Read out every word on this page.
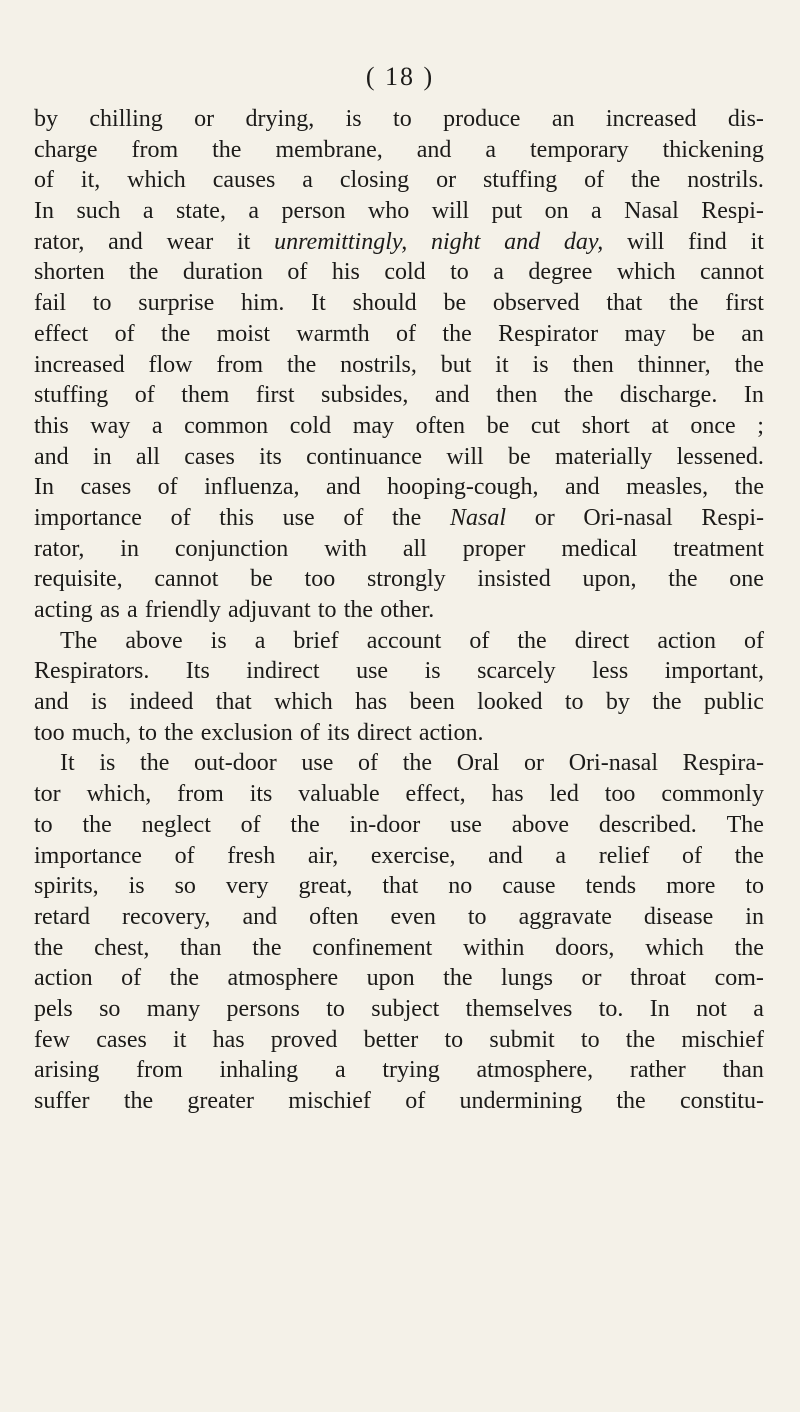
( 18 )
by chilling or drying, is to produce an increased dis-
charge from the membrane, and a temporary thickening
of it, which causes a closing or stuffing of the nostrils.
In such a state, a person who will put on a Nasal Respi-
rator, and wear it unremittingly, night and day, will find it
shorten the duration of his cold to a degree which cannot
fail to surprise him. It should be observed that the first
effect of the moist warmth of the Respirator may be an
increased flow from the nostrils, but it is then thinner, the
stuffing of them first subsides, and then the discharge. In
this way a common cold may often be cut short at once ;
and in all cases its continuance will be materially lessened.
In cases of influenza, and hooping-cough, and measles, the
importance of this use of the Nasal or Ori-nasal Respi-
rator, in conjunction with all proper medical treatment
requisite, cannot be too strongly insisted upon, the one
acting as a friendly adjuvant to the other.
The above is a brief account of the direct action of
Respirators. Its indirect use is scarcely less important,
and is indeed that which has been looked to by the public
too much, to the exclusion of its direct action.
It is the out-door use of the Oral or Ori-nasal Respira-
tor which, from its valuable effect, has led too commonly
to the neglect of the in-door use above described. The
importance of fresh air, exercise, and a relief of the
spirits, is so very great, that no cause tends more to
retard recovery, and often even to aggravate disease in
the chest, than the confinement within doors, which the
action of the atmosphere upon the lungs or throat com-
pels so many persons to subject themselves to. In not a
few cases it has proved better to submit to the mischief
arising from inhaling a trying atmosphere, rather than
suffer the greater mischief of undermining the constitu-
